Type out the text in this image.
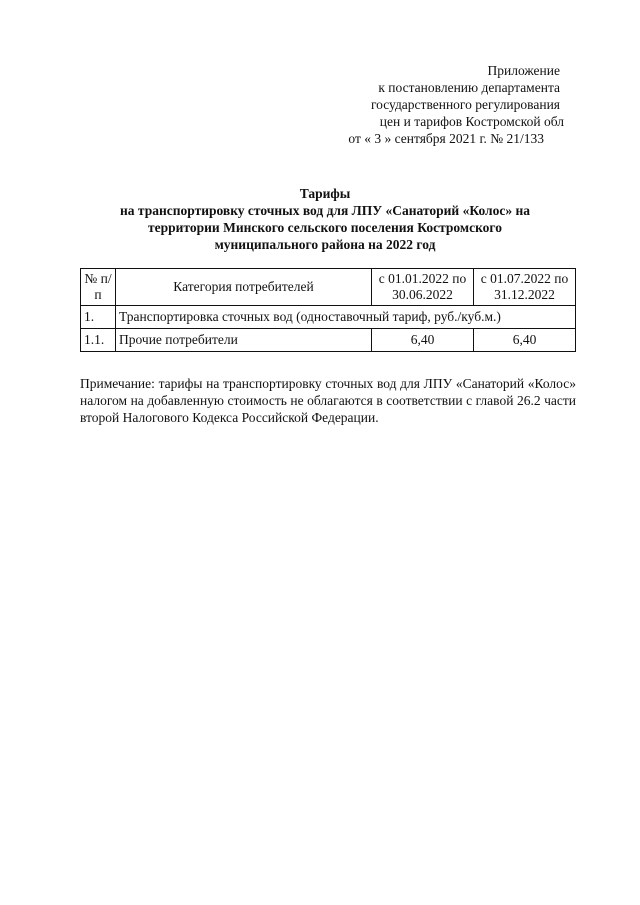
Приложение
к постановлению департамента
государственного регулирования
цен и тарифов Костромской обл
от « 3 » сентября 2021 г. № 21/133
Тарифы
на транспортировку сточных вод для ЛПУ «Санаторий «Колос» на
территории Минского сельского поселения Костромского
муниципального района на 2022 год
№ п/п	Категория потребителей	с 01.01.2022 по 30.06.2022	с 01.07.2022 по 31.12.2022
1.	Транспортировка сточных вод (одноставочный тариф, руб./куб.м.)		
1.1.	Прочие потребители	6,40	6,40
Примечание: тарифы на транспортировку сточных вод для ЛПУ «Санаторий «Колос» налогом на добавленную стоимость не облагаются в соответствии с главой 26.2 части второй Налогового Кодекса Российской Федерации.
